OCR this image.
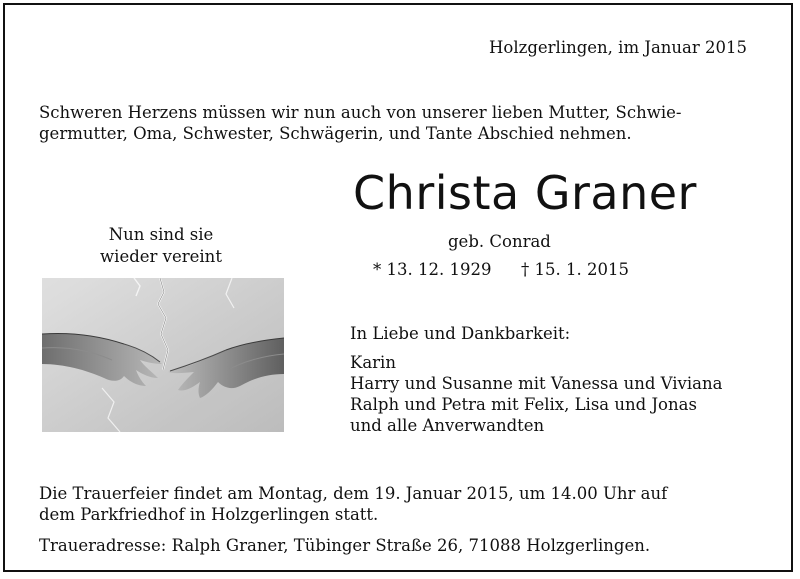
Holzgerlingen, im Januar 2015
Schweren Herzens müssen wir nun auch von unserer lieben Mutter, Schwie-
germutter, Oma, Schwester, Schwägerin, und Tante Abschied nehmen.
Christa Graner
geb. Conrad
* 13. 12. 1929 † 15. 1. 2015
Nun sind sie
wieder vereint
In Liebe und Dankbarkeit:
Karin
Harry und Susanne mit Vanessa und Viviana
Ralph und Petra mit Felix, Lisa und Jonas
und alle Anverwandten
Die Trauerfeier findet am Montag, dem 19. Januar 2015, um 14.00 Uhr auf
dem Parkfriedhof in Holzgerlingen statt.
Traueradresse: Ralph Graner, Tübinger Straße 26, 71088 Holzgerlingen.
